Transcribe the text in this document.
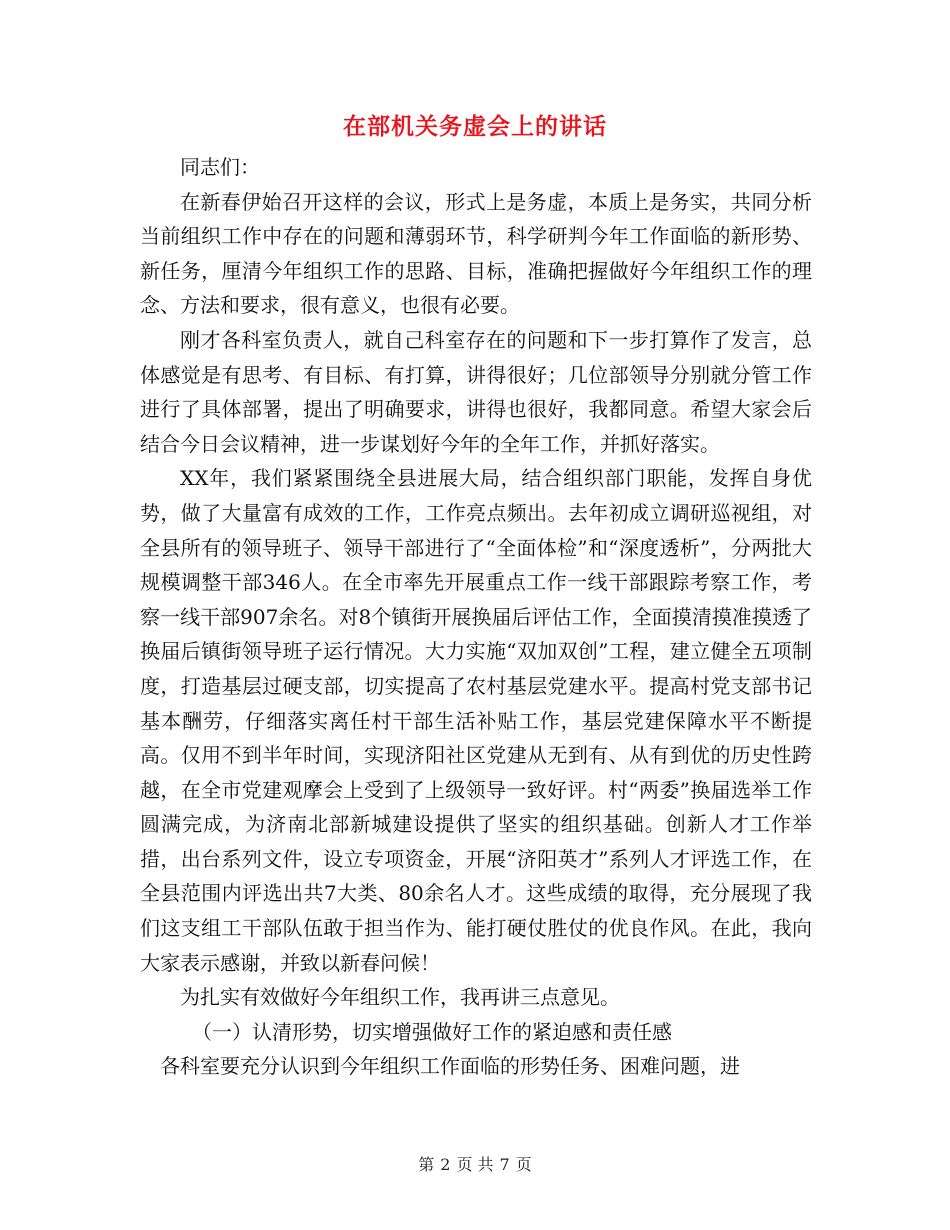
在部机关务虚会上的讲话

同志们：

在新春伊始召开这样的会议，形式上是务虚，本质上是务实，共同分析当前组织工作中存在的问题和薄弱环节，科学研判今年工作面临的新形势、新任务，厘清今年组织工作的思路、目标，准确把握做好今年组织工作的理念、方法和要求，很有意义，也很有必要。

刚才各科室负责人，就自己科室存在的问题和下一步打算作了发言，总体感觉是有思考、有目标、有打算，讲得很好；几位部领导分别就分管工作进行了具体部署，提出了明确要求，讲得也很好，我都同意。希望大家会后结合今日会议精神，进一步谋划好今年的全年工作，并抓好落实。

XX年，我们紧紧围绕全县进展大局，结合组织部门职能，发挥自身优势，做了大量富有成效的工作，工作亮点频出。去年初成立调研巡视组，对全县所有的领导班子、领导干部进行了“全面体检”和“深度透析”，分两批大规模调整干部346人。在全市率先开展重点工作一线干部跟踪考察工作，考察一线干部907余名。对8个镇街开展换届后评估工作，全面摸清摸准摸透了换届后镇街领导班子运行情况。大力实施“双加双创”工程，建立健全五项制度，打造基层过硬支部，切实提高了农村基层党建水平。提高村党支部书记基本酬劳，仔细落实离任村干部生活补贴工作，基层党建保障水平不断提高。仅用不到半年时间，实现济阳社区党建从无到有、从有到优的历史性跨越，在全市党建观摩会上受到了上级领导一致好评。村“两委”换届选举工作圆满完成，为济南北部新城建设提供了坚实的组织基础。创新人才工作举措，出台系列文件，设立专项资金，开展“济阳英才”系列人才评选工作，在全县范围内评选出共7大类、80余名人才。这些成绩的取得，充分展现了我们这支组工干部队伍敢于担当作为、能打硬仗胜仗的优良作风。在此，我向大家表示感谢，并致以新春问候！

为扎实有效做好今年组织工作，我再讲三点意见。

（一）认清形势，切实增强做好工作的紧迫感和责任感

各科室要充分认识到今年组织工作面临的形势任务、困难问题，进

第 2 页 共 7 页
